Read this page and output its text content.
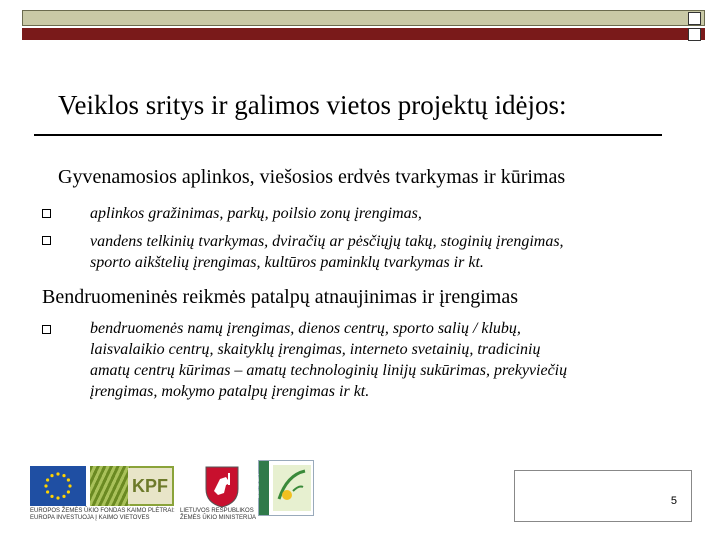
Veiklos sritys ir galimos vietos projektų idėjos:
Gyvenamosios aplinkos, viešosios erdvės tvarkymas ir kūrimas
aplinkos gražinimas, parkų, poilsio zonų įrengimas,
vandens telkinių tvarkymas, dviračių ar pėsčiųjų takų, stoginių įrengimas,
sporto aikštelių įrengimas, kultūros paminklų tvarkymas ir kt.
Bendruomeninės reikmės patalpų atnaujinimas ir įrengimas
bendruomenės namų įrengimas, dienos centrų, sporto salių / klubų,
laisvalaikio centrų, skaityklų įrengimas, interneto svetainių, tradicinių
amatų centrų kūrimas – amatų technologinių linijų sukūrimas, prekyviečių
įrengimas, mokymo patalpų įrengimas ir kt.
KPF
EUROPOS ŽEMĖS ŪKIO FONDAS KAIMO PLĖTRAI:
EUROPA INVESTUOJA Į KAIMO VIETOVES
LIETUVOS RESPUBLIKOS
ŽEMĖS ŪKIO MINISTERIJA
LEADER
5
